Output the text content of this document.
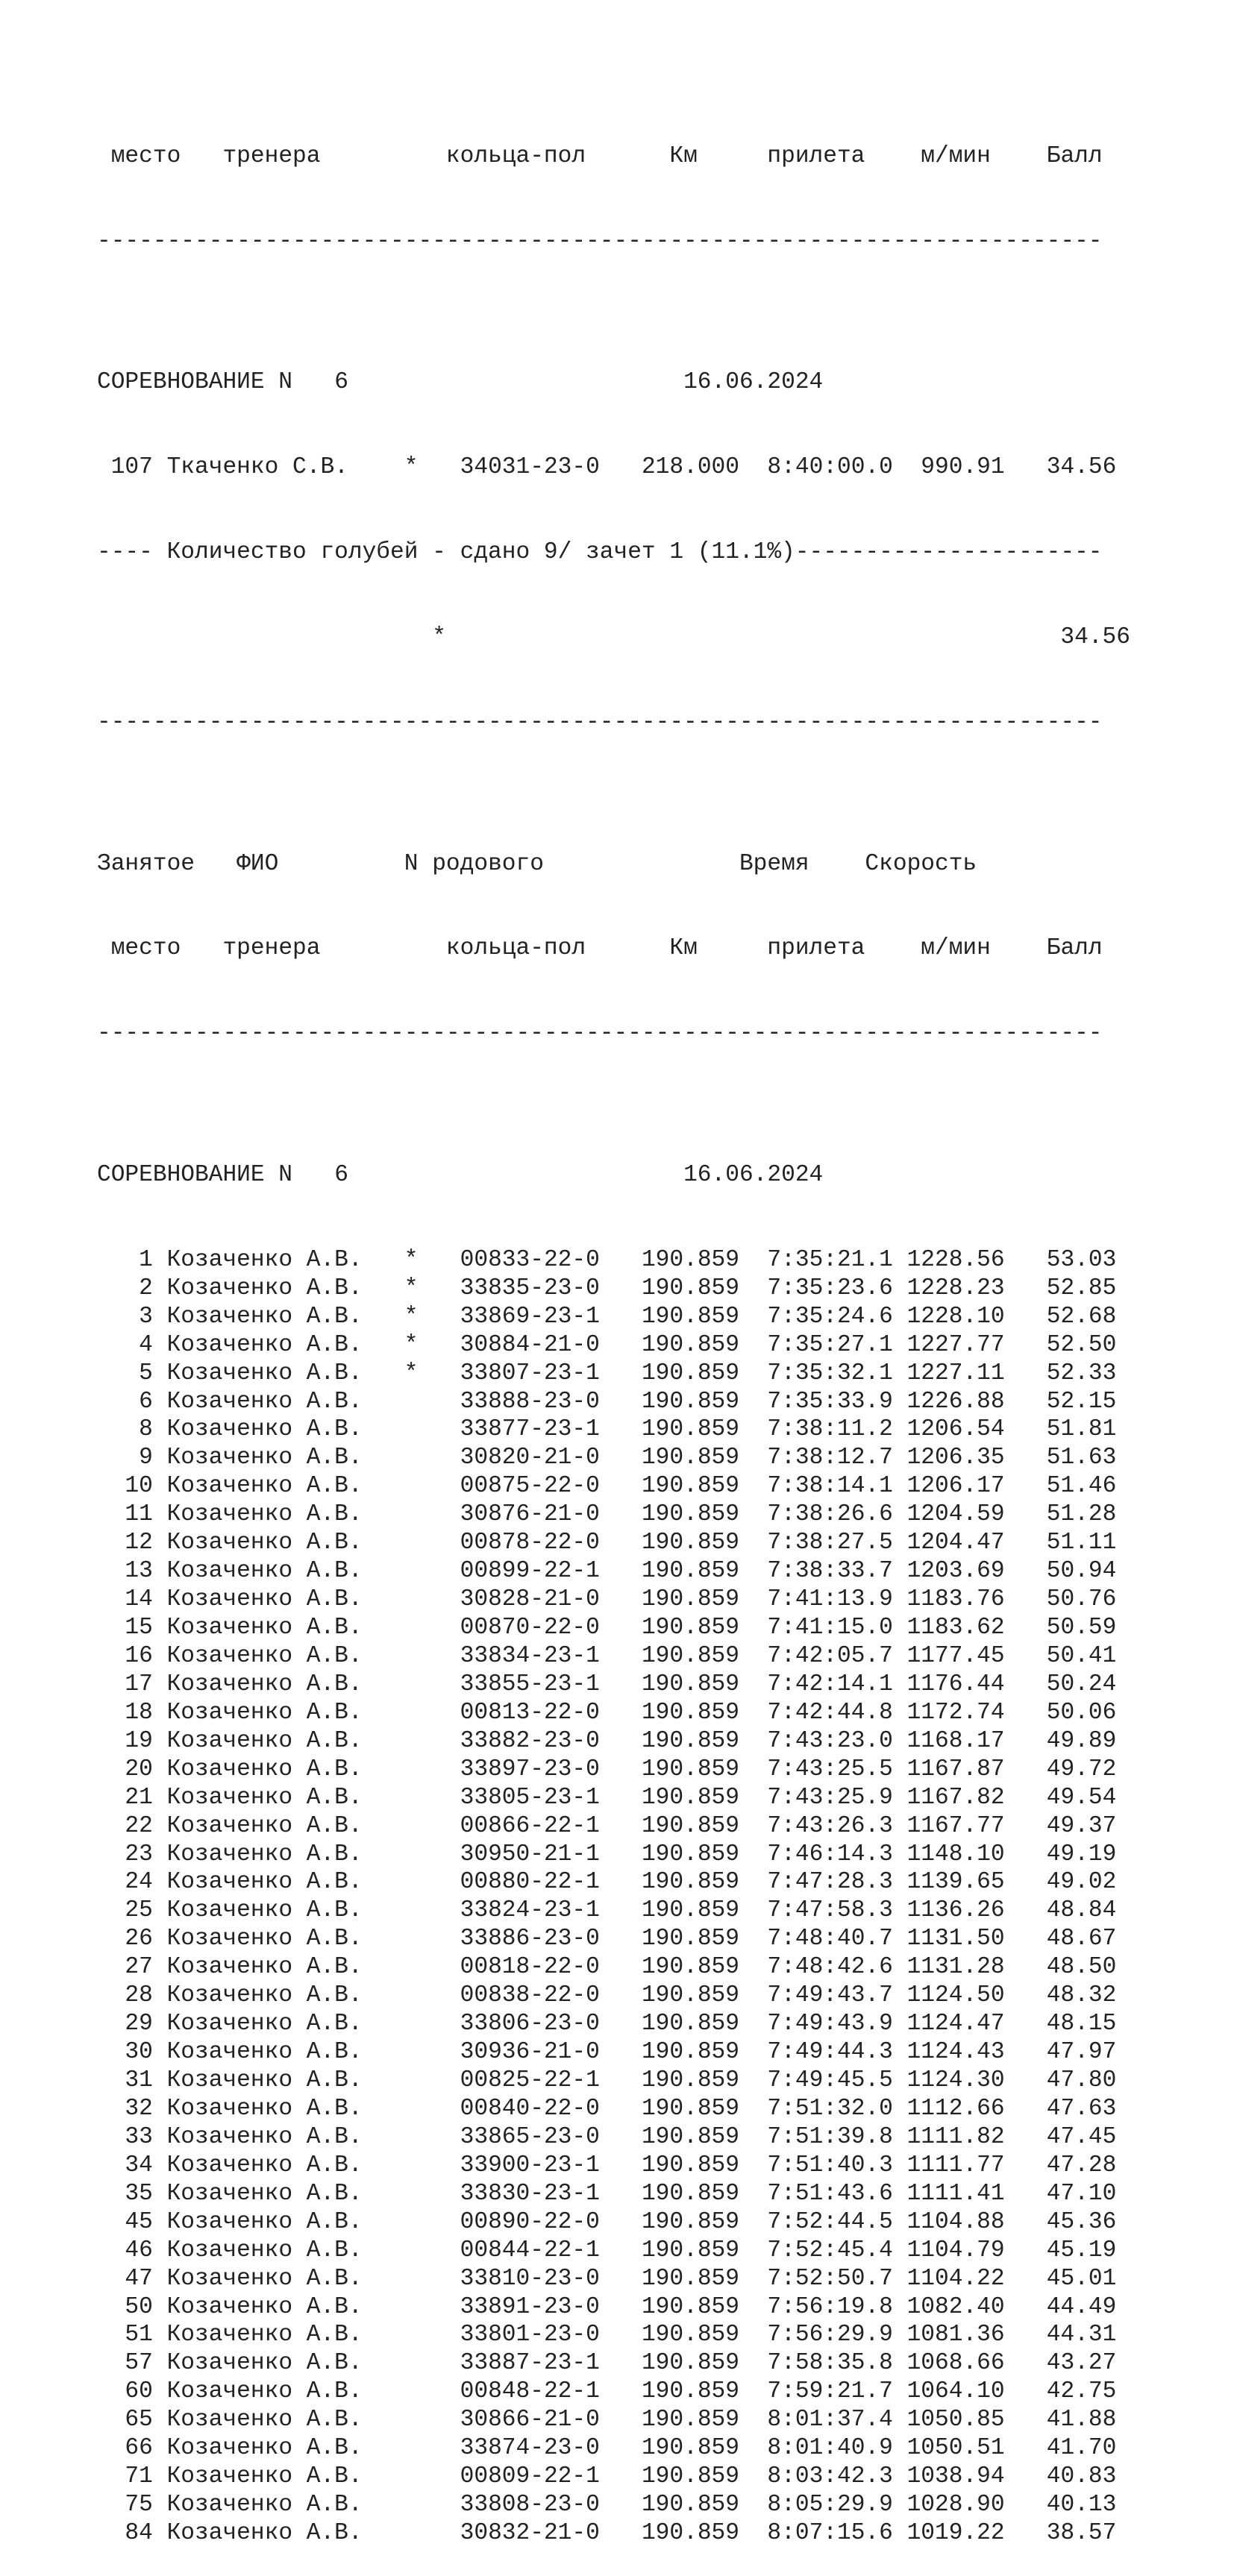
место тренера	кольца-пол	Км	прилета м/мин Балл

------------------------------------------------------------------------

СОРЕВНОВАНИЕ N 6	16.06.2024

107 Ткаченко С.В.    * 34031-23-0   218.000 8:40:00.0  990.91   34.56

---- Количество голубей - сдано 9/ зачет 1 (11.1%)----------------------

*	34.56

------------------------------------------------------------------------

Занятое ФИО	N родового	Время Скорость

место тренера	кольца-пол	Км	прилета м/мин Балл

------------------------------------------------------------------------

СОРЕВНОВАНИЕ N 6	16.06.2024

1 Козаченко А.В. * 00833-22-0   190.859 7:35:21.1 1228.56   53.03
2 Козаченко А.В. * 33835-23-0   190.859 7:35:23.6 1228.23   52.85
3 Козаченко А.В. * 33869-23-1   190.859 7:35:24.6 1228.10   52.68
4 Козаченко А.В. * 30884-21-0   190.859 7:35:27.1 1227.77   52.50
5 Козаченко А.В. * 33807-23-1   190.859 7:35:32.1 1227.11   52.33
6 Козаченко А.В.	33888-23-0   190.859 7:35:33.9 1226.88   52.15
8 Козаченко А.В.	33877-23-1   190.859 7:38:11.2 1206.54   51.81
9 Козаченко А.В.	30820-21-0   190.859 7:38:12.7 1206.35   51.63
10 Козаченко А.В.	00875-22-0   190.859 7:38:14.1 1206.17   51.46
11 Козаченко А.В.	30876-21-0   190.859 7:38:26.6 1204.59   51.28
12 Козаченко А.В.	00878-22-0   190.859 7:38:27.5 1204.47   51.11
13 Козаченко А.В.	00899-22-1   190.859 7:38:33.7 1203.69   50.94
14 Козаченко А.В.	30828-21-0   190.859 7:41:13.9 1183.76   50.76
15 Козаченко А.В.	00870-22-0   190.859 7:41:15.0 1183.62   50.59
16 Козаченко А.В.	33834-23-1   190.859 7:42:05.7 1177.45   50.41
17 Козаченко А.В.	33855-23-1   190.859 7:42:14.1 1176.44   50.24
18 Козаченко А.В.	00813-22-0   190.859 7:42:44.8 1172.74   50.06
19 Козаченко А.В.	33882-23-0   190.859 7:43:23.0 1168.17   49.89
20 Козаченко А.В.	33897-23-0   190.859 7:43:25.5 1167.87   49.72
21 Козаченко А.В.	33805-23-1   190.859 7:43:25.9 1167.82   49.54
22 Козаченко А.В.	00866-22-1   190.859 7:43:26.3 1167.77   49.37
23 Козаченко А.В.	30950-21-1   190.859 7:46:14.3 1148.10   49.19
24 Козаченко А.В.	00880-22-1   190.859 7:47:28.3 1139.65   49.02
25 Козаченко А.В.	33824-23-1   190.859 7:47:58.3 1136.26   48.84
26 Козаченко А.В.	33886-23-0   190.859 7:48:40.7 1131.50   48.67
27 Козаченко А.В.	00818-22-0   190.859 7:48:42.6 1131.28   48.50
28 Козаченко А.В.	00838-22-0   190.859 7:49:43.7 1124.50   48.32
29 Козаченко А.В.	33806-23-0   190.859 7:49:43.9 1124.47   48.15
30 Козаченко А.В.	30936-21-0   190.859 7:49:44.3 1124.43   47.97
31 Козаченко А.В.	00825-22-1   190.859 7:49:45.5 1124.30   47.80
32 Козаченко А.В.	00840-22-0   190.859 7:51:32.0 1112.66   47.63
33 Козаченко А.В.	33865-23-0   190.859 7:51:39.8 1111.82   47.45
34 Козаченко А.В.	33900-23-1   190.859 7:51:40.3 1111.77   47.28
35 Козаченко А.В.	33830-23-1   190.859 7:51:43.6 1111.41   47.10
45 Козаченко А.В.	00890-22-0   190.859 7:52:44.5 1104.88   45.36
46 Козаченко А.В.	00844-22-1   190.859 7:52:45.4 1104.79   45.19
47 Козаченко А.В.	33810-23-0   190.859 7:52:50.7 1104.22   45.01
50 Козаченко А.В.	33891-23-0   190.859 7:56:19.8 1082.40   44.49
51 Козаченко А.В.	33801-23-0   190.859 7:56:29.9 1081.36   44.31
57 Козаченко А.В.	33887-23-1   190.859 7:58:35.8 1068.66   43.27
60 Козаченко А.В.	00848-22-1   190.859 7:59:21.7 1064.10   42.75
65 Козаченко А.В.	30866-21-0   190.859 8:01:37.4 1050.85   41.88
66 Козаченко А.В.	33874-23-0   190.859 8:01:40.9 1050.51   41.70
71 Козаченко А.В.	00809-22-1   190.859 8:03:42.3 1038.94   40.83
75 Козаченко А.В.	33808-23-0   190.859 8:05:29.9 1028.90   40.13
84 Козаченко А.В.	30832-21-0   190.859 8:07:15.6 1019.22   38.57
